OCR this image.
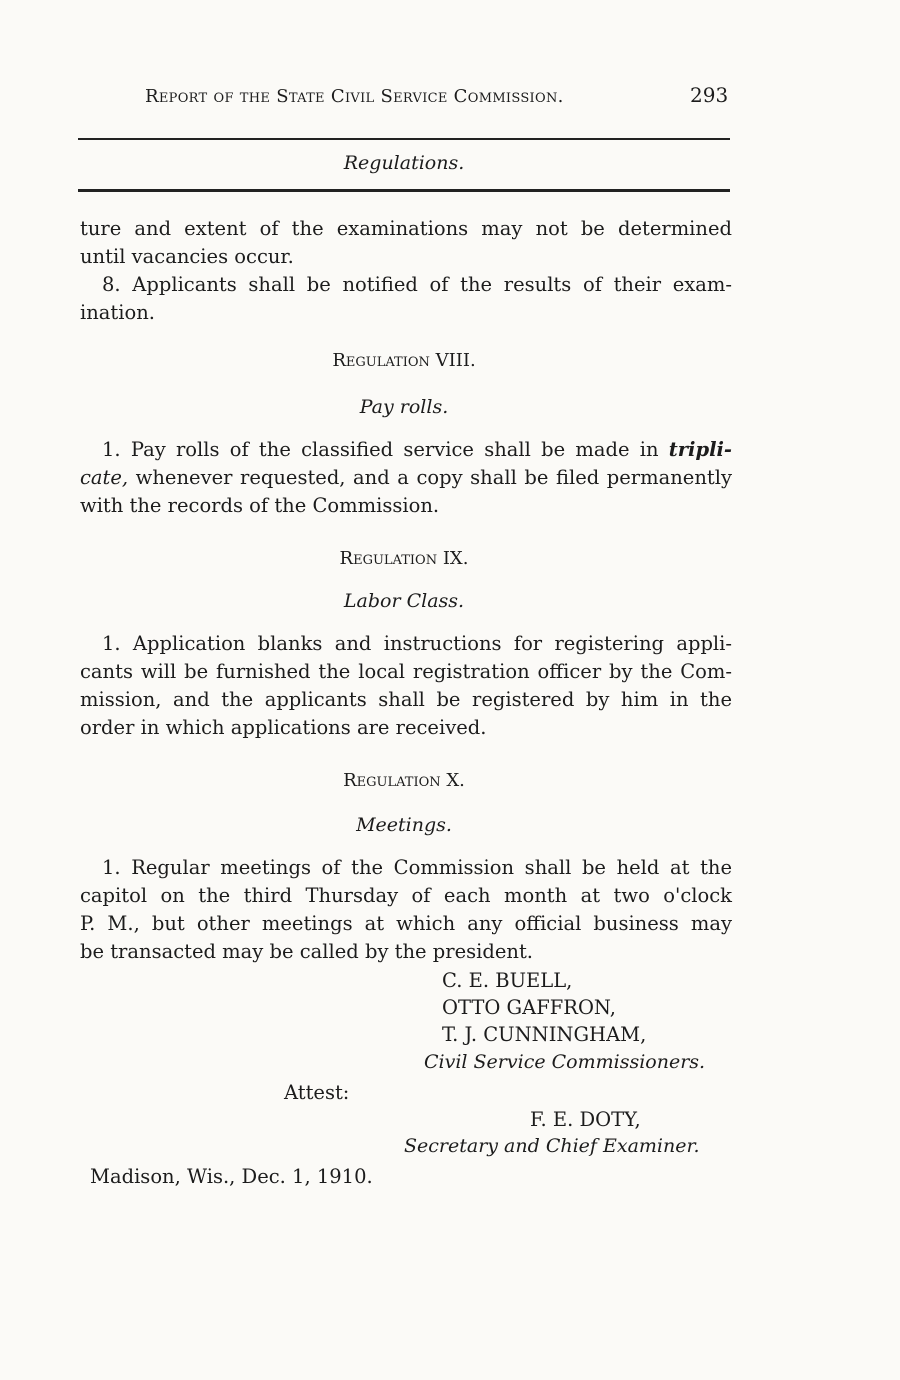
Report of the State Civil Service Commission.	293
Regulations.
ture and extent of the examinations may not be determined
until vacancies occur.
8. Applicants shall be notified of the results of their exam-
ination.
Regulation VIII.
Pay rolls.
1. Pay rolls of the classified service shall be made in tripli-
cate, whenever requested, and a copy shall be filed permanently
with the records of the Commission.
Regulation IX.
Labor Class.
1. Application blanks and instructions for registering appli-
cants will be furnished the local registration officer by the Com-
mission, and the applicants shall be registered by him in the
order in which applications are received.
Regulation X.
Meetings.
1. Regular meetings of the Commission shall be held at the
capitol on the third Thursday of each month at two o'clock
P. M., but other meetings at which any official business may
be transacted may be called by the president.
C. E. BUELL,
OTTO GAFFRON,
T. J. CUNNINGHAM,
Civil Service Commissioners.
Attest:
F. E. DOTY,
Secretary and Chief Examiner.
Madison, Wis., Dec. 1, 1910.
